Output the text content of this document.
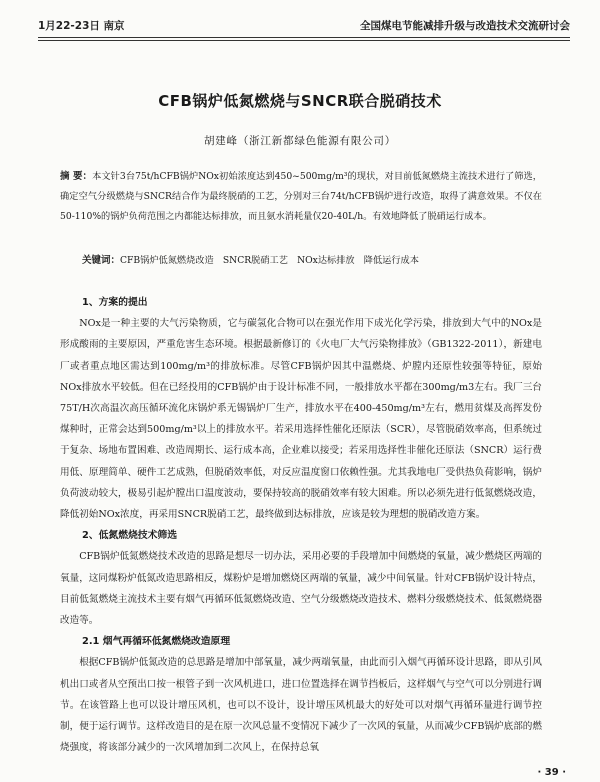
1月22-23日 南京	全国煤电节能减排升级与改造技术交流研讨会
CFB锅炉低氮燃烧与SNCR联合脱硝技术
胡建峰（浙江新都绿色能源有限公司）
摘 要：本文针3台75t/hCFB锅炉NOx初始浓度达到450~500mg/m³的现状，对目前低氮燃烧主流技术进行了筛选，确定空气分级燃烧与SNCR结合作为最终脱硝的工艺，分别对三台74t/hCFB锅炉进行改造，取得了满意效果。不仅在50-110%的锅炉负荷范围之内都能达标排放，而且氨水消耗量仅20-40L/h。有效地降低了脱硝运行成本。
关键词：CFB锅炉低氮燃烧改造　SNCR脱硝工艺　NOx达标排放　降低运行成本
1、方案的提出

NOx是一种主要的大气污染物质，它与碳氢化合物可以在强光作用下成光化学污染，排放到大气中的NOx是形成酸雨的主要原因，严重危害生态环境。根据最新修订的《火电厂大气污染物排放》（GB1322-2011），新建电厂或者重点地区需达到100mg/m³的排放标准。尽管CFB锅炉因其中温燃烧、炉膛内还原性较强等特征，原始NOx排放水平较低。但在已经投用的CFB锅炉由于设计标准不同，一般排放水平都在300mg/m3左右。我厂三台75T/H次高温次高压循环流化床锅炉系无锡锅炉厂生产，排放水平在400-450mg/m³左右，燃用贫煤及高挥发份煤种时，正常会达到500mg/m³以上的排放水平。若采用选择性催化还原法（SCR），尽管脱硝效率高，但系统过于复杂、场地布置困难、改造周期长、运行成本高，企业难以接受；若采用选择性非催化还原法（SNCR）运行费用低、原理简单、硬件工艺成熟，但脱硝效率低，对反应温度窗口依赖性强。尤其我地电厂受供热负荷影响，锅炉负荷波动较大，极易引起炉膛出口温度波动，要保持较高的脱硝效率有较大困难。所以必须先进行低氮燃烧改造，降低初始NOx浓度，再采用SNCR脱硝工艺，最终做到达标排放，应该是较为理想的脱硝改造方案。

2、低氮燃烧技术筛选

CFB锅炉低氮燃烧技术改造的思路是想尽一切办法，采用必要的手段增加中间燃烧的氧量，减少燃烧区两端的氧量，这同煤粉炉低氮改造思路相反，煤粉炉是增加燃烧区两端的氧量，减少中间氧量。针对CFB锅炉设计特点，目前低氮燃烧主流技术主要有烟气再循环低氮燃烧改造、空气分级燃烧改造技术、燃料分级燃烧技术、低氮燃烧器改造等。

2.1 烟气再循环低氮燃烧改造原理

根据CFB锅炉低氮改造的总思路是增加中部氧量，减少两端氧量，由此而引入烟气再循环设计思路，即从引风机出口或者从空预出口按一根管子到一次风机进口，进口位置选择在调节挡板后，这样烟气与空气可以分别进行调节。在该管路上也可以设计增压风机，也可以不设计，设计增压风机最大的好处可以对烟气再循环量进行调节控制，便于运行调节。这样改造目的是在原一次风总量不变情况下减少了一次风的氧量，从而减少CFB锅炉底部的燃烧强度，将该部分减少的一次风增加到二次风上，在保持总氧

· 39 ·
